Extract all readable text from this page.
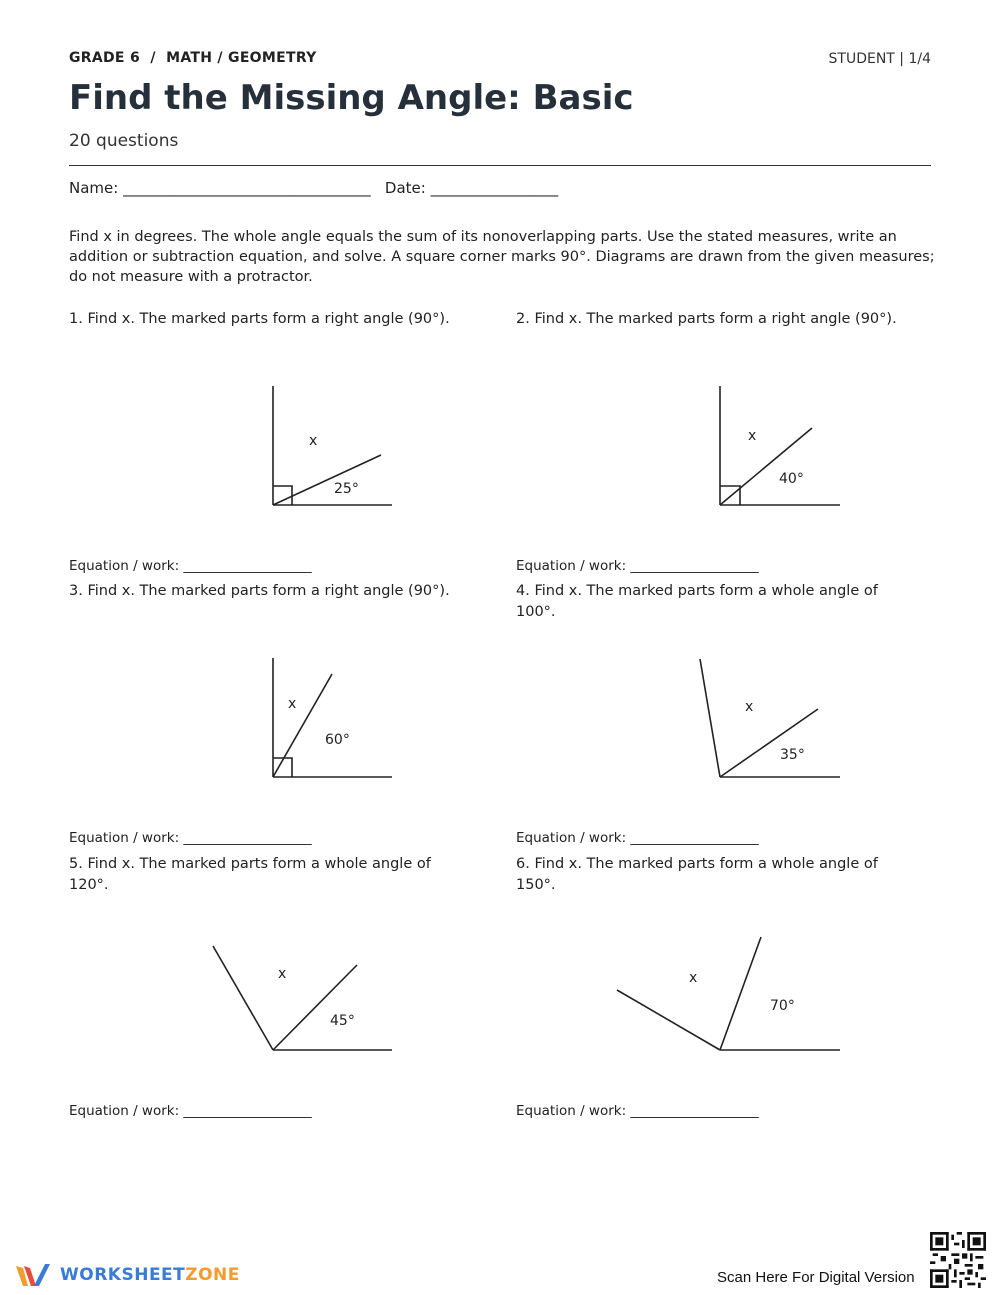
GRADE 6  /  MATH / GEOMETRY	STUDENT | 1/4
Find the Missing Angle: Basic
20 questions
Name: _________________________________ Date: _________________
Find x in degrees. The whole angle equals the sum of its nonoverlapping parts. Use the stated measures, write an addition or subtraction equation, and solve. A square corner marks 90°. Diagrams are drawn from the given measures; do not measure with a protractor.
1. Find x. The marked parts form a right angle (90°).	2. Find x. The marked parts form a right angle (90°).
3. Find x. The marked parts form a right angle (90°).	4. Find x. The marked parts form a whole angle of 100°.
5. Find x. The marked parts form a whole angle of 120°.
6. Find x. The marked parts form a whole angle of 150°.
x
25°
x
40°
x
60°
x
35°
x
45°
x
70°
Equation / work: ___________________	Equation / work: ___________________
Equation / work: ___________________	Equation / work: ___________________
Equation / work: ___________________	Equation / work: ___________________
WORKSHEETZONE	Scan Here For Digital Version
